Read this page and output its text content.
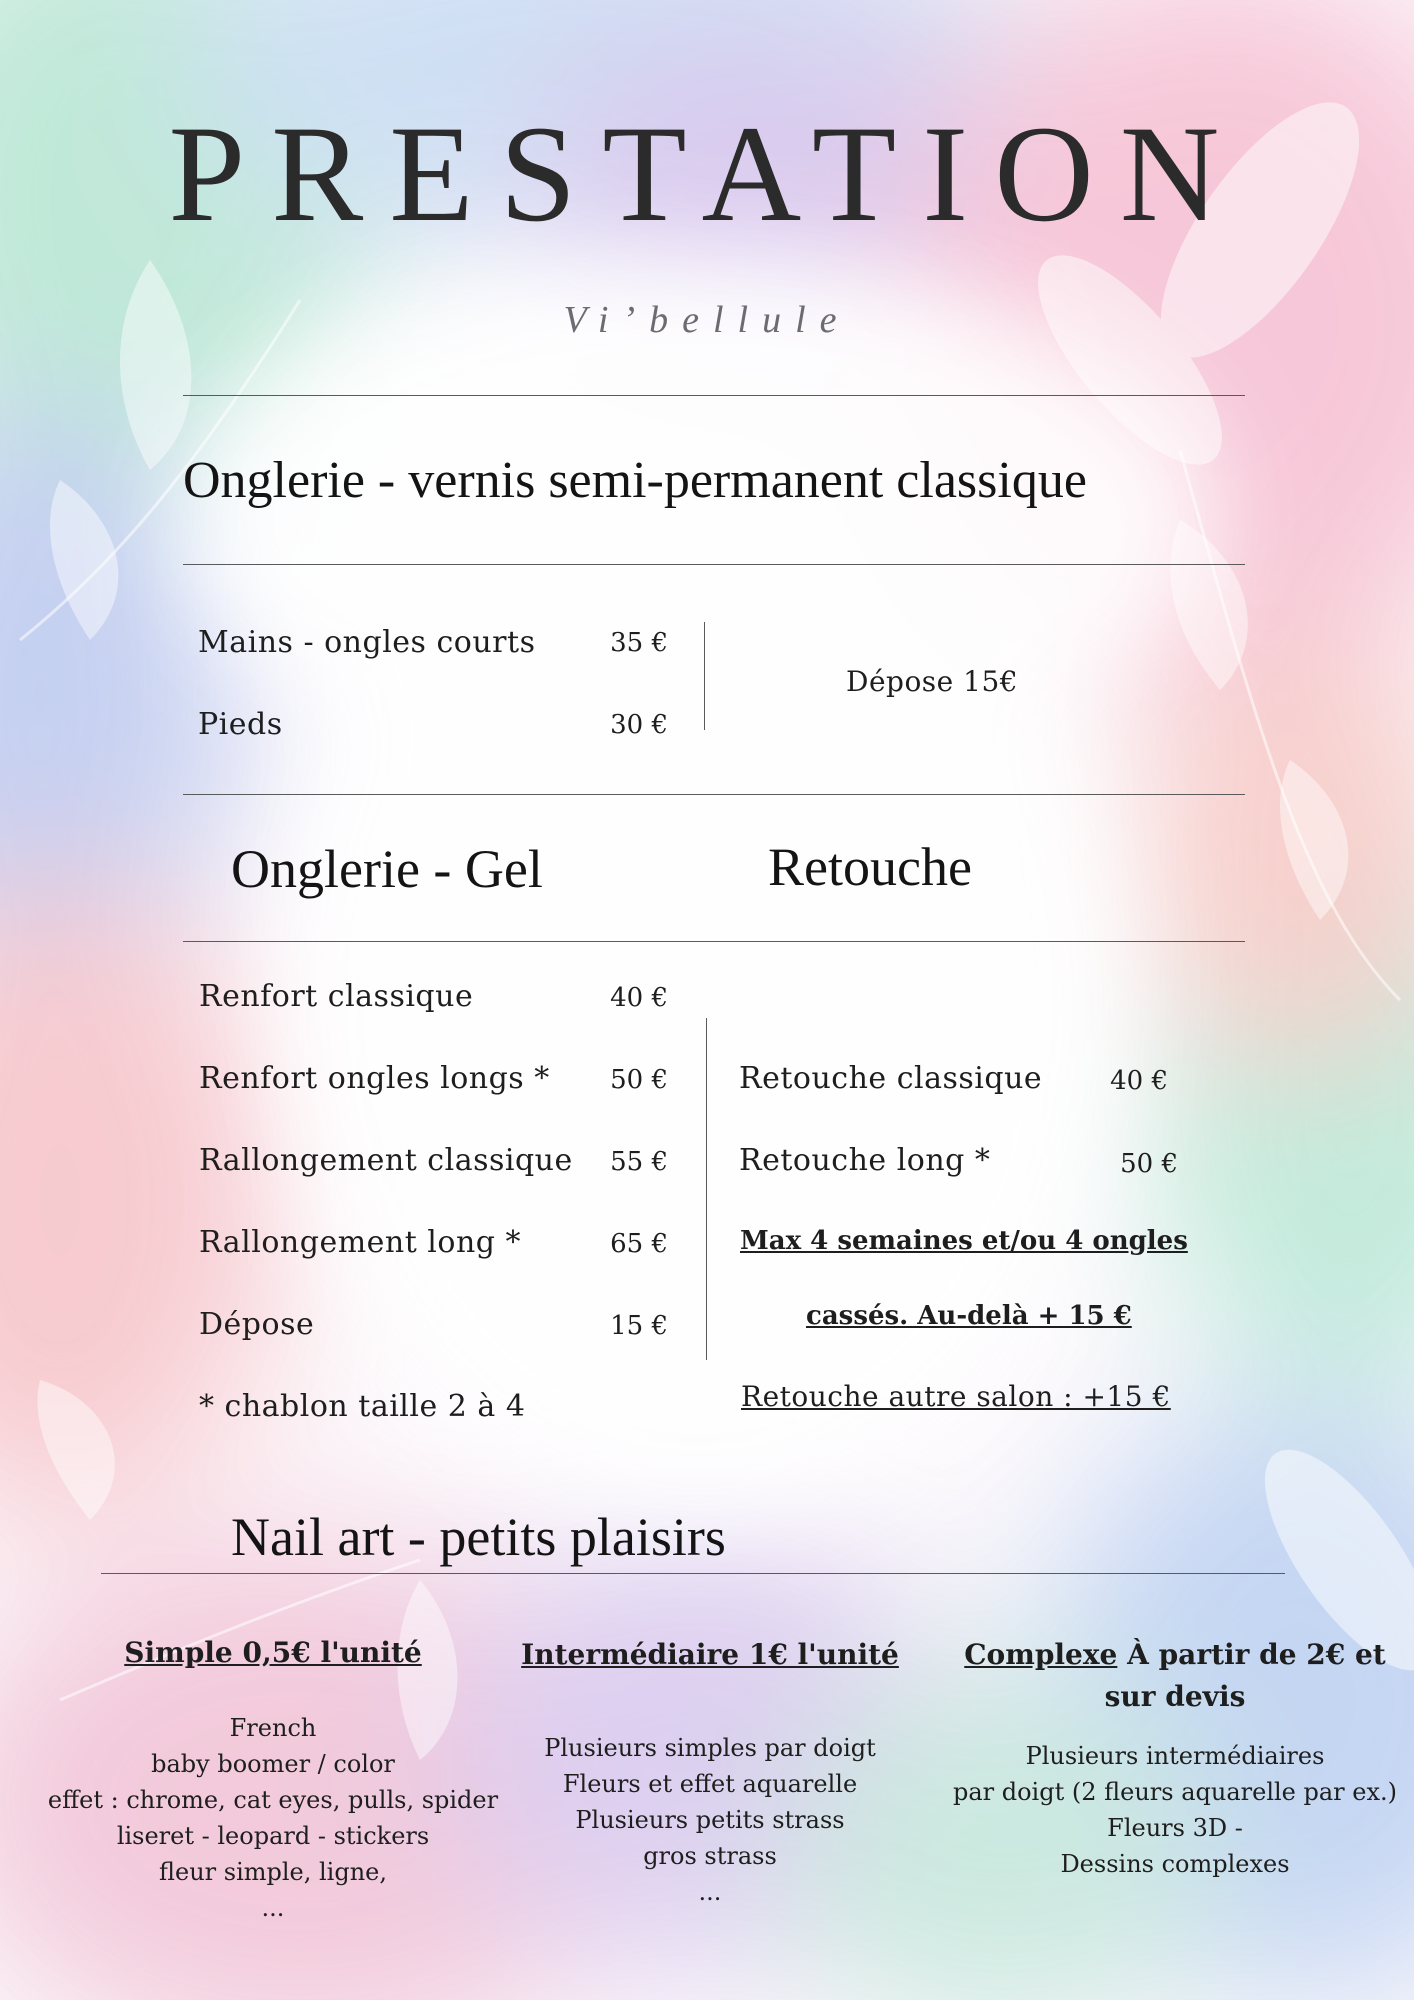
PRESTATION
Vi’bellule
Onglerie - vernis semi-permanent classique
Mains - ongles courts	35 €
Pieds	30 €
Dépose 15€
Onglerie - Gel	Retouche
Renfort classique	40 €
Renfort ongles longs *	50 €
Rallongement classique	55 €
Rallongement long *	65 €
Dépose	15 €
* chablon taille 2 à 4
Retouche classique	40 €
Retouche long *	50 €
Max 4 semaines et/ou 4 ongles
cassés. Au-delà + 15 €
Retouche autre salon : +15 €
Nail art - petits plaisirs
Simple 0,5€ l'unité
French
baby boomer / color
effet : chrome, cat eyes, pulls, spider
liseret - leopard - stickers
fleur simple, ligne,
...
Intermédiaire 1€ l'unité
Plusieurs simples par doigt
Fleurs et effet aquarelle
Plusieurs petits strass
gros strass
...
Complexe À partir de 2€ et
sur devis
Plusieurs intermédiaires
par doigt (2 fleurs aquarelle par ex.)
Fleurs 3D -
Dessins complexes
